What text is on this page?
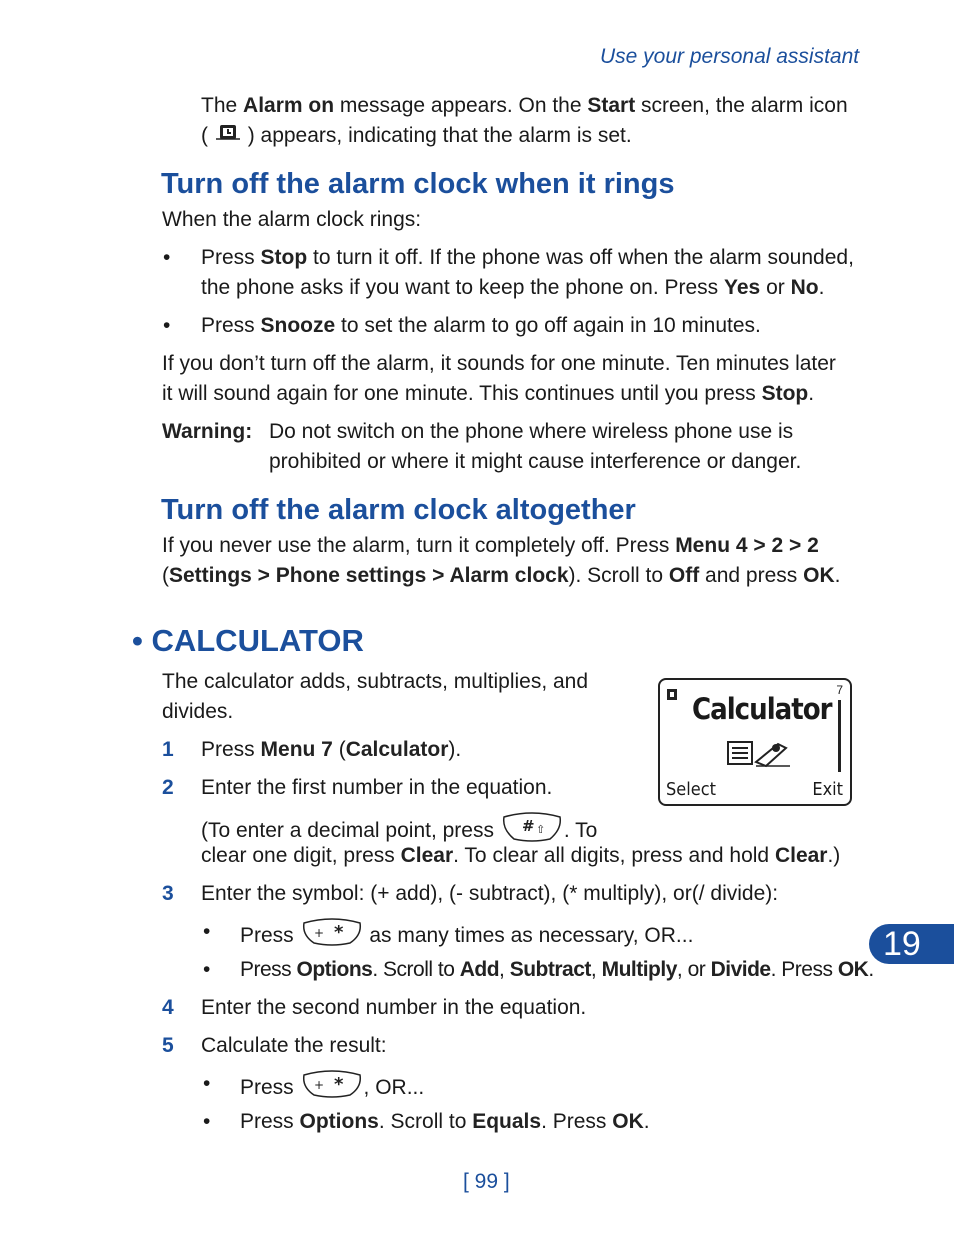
Use your personal assistant
The Alarm on message appears. On the Start screen, the alarm icon
( ) appears, indicating that the alarm is set.
Turn off the alarm clock when it rings
When the alarm clock rings:
• Press Stop to turn it off. If the phone was off when the alarm sounded,
the phone asks if you want to keep the phone on. Press Yes or No.
• Press Snooze to set the alarm to go off again in 10 minutes.
If you don’t turn off the alarm, it sounds for one minute. Ten minutes later
it will sound again for one minute. This continues until you press Stop.
Warning: Do not switch on the phone where wireless phone use is
prohibited or where it might cause interference or danger.
Turn off the alarm clock altogether
If you never use the alarm, turn it completely off. Press Menu 4 > 2 > 2
(Settings > Phone settings > Alarm clock). Scroll to Off and press OK.
• CALCULATOR
The calculator adds, subtracts, multiplies, and
divides.
1 Press Menu 7 (Calculator).
2 Enter the first number in the equation.
(To enter a decimal point, press # ⇧ . To
clear one digit, press Clear. To clear all digits, press and hold Clear.)
3 Enter the symbol: (+ add), (- subtract), (* multiply), or(/ divide):
• Press + * as many times as necessary, OR...
• Press Options. Scroll to Add, Subtract, Multiply, or Divide. Press OK.
4 Enter the second number in the equation.
5 Calculate the result:
• Press + * , OR...
• Press Options. Scroll to Equals. Press OK.
7
Calculator
Select	Exit
19
[ 99 ]
